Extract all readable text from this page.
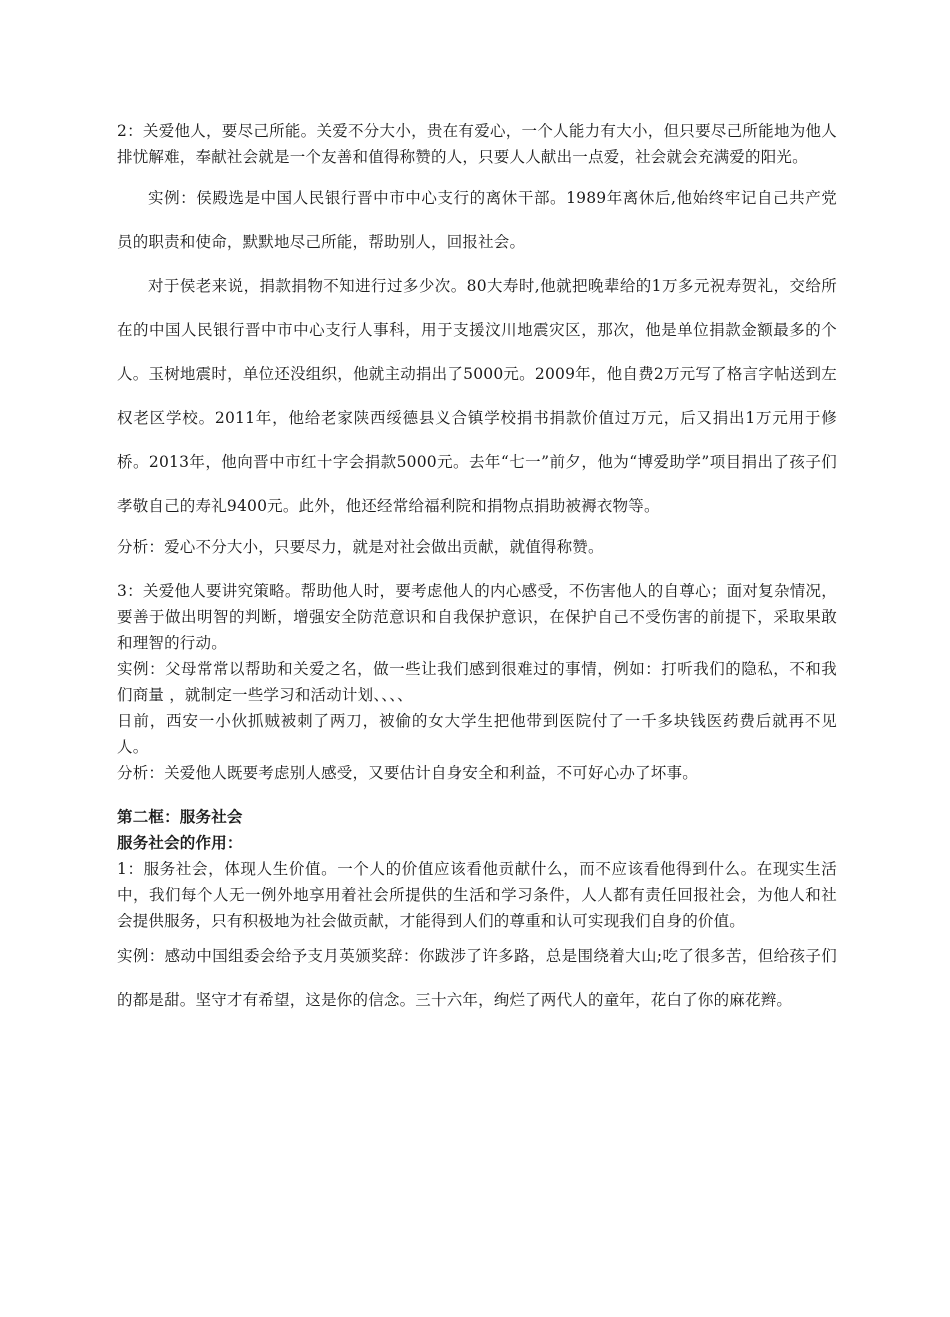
2：关爱他人，要尽己所能。关爱不分大小，贵在有爱心，一个人能力有大小，但只要尽己所能地为他人排忧解难，奉献社会就是一个友善和值得称赞的人，只要人人献出一点爱，社会就会充满爱的阳光。

实例：侯殿选是中国人民银行晋中市中心支行的离休干部。1989年离休后,他始终牢记自己共产党员的职责和使命，默默地尽己所能，帮助别人，回报社会。

对于侯老来说，捐款捐物不知进行过多少次。80大寿时,他就把晚辈给的1万多元祝寿贺礼，交给所在的中国人民银行晋中市中心支行人事科，用于支援汶川地震灾区，那次，他是单位捐款金额最多的个人。玉树地震时，单位还没组织，他就主动捐出了5000元。2009年，他自费2万元写了格言字帖送到左权老区学校。2011年，他给老家陕西绥德县义合镇学校捐书捐款价值过万元，后又捐出1万元用于修桥。2013年，他向晋中市红十字会捐款5000元。去年“七一”前夕，他为“博爱助学”项目捐出了孩子们孝敬自己的寿礼9400元。此外，他还经常给福利院和捐物点捐助被褥衣物等。

分析：爱心不分大小，只要尽力，就是对社会做出贡献，就值得称赞。

3：关爱他人要讲究策略。帮助他人时，要考虑他人的内心感受，不伤害他人的自尊心；面对复杂情况，要善于做出明智的判断，增强安全防范意识和自我保护意识，在保护自己不受伤害的前提下，采取果敢和理智的行动。

实例：父母常常以帮助和关爱之名，做一些让我们感到很难过的事情，例如：打听我们的隐私，不和我们商量 ，就制定一些学习和活动计划、、、、

日前，西安一小伙抓贼被刺了两刀，被偷的女大学生把他带到医院付了一千多块钱医药费后就再不见人。

分析：关爱他人既要考虑别人感受，又要估计自身安全和利益，不可好心办了坏事。

第二框：服务社会

服务社会的作用：

1：服务社会，体现人生价值。一个人的价值应该看他贡献什么，而不应该看他得到什么。在现实生活中，我们每个人无一例外地享用着社会所提供的生活和学习条件，人人都有责任回报社会，为他人和社会提供服务，只有积极地为社会做贡献，才能得到人们的尊重和认可实现我们自身的价值。

实例：感动中国组委会给予支月英颁奖辞：你跋涉了许多路，总是围绕着大山;吃了很多苦，但给孩子们的都是甜。坚守才有希望，这是你的信念。三十六年，绚烂了两代人的童年，花白了你的麻花辫。
